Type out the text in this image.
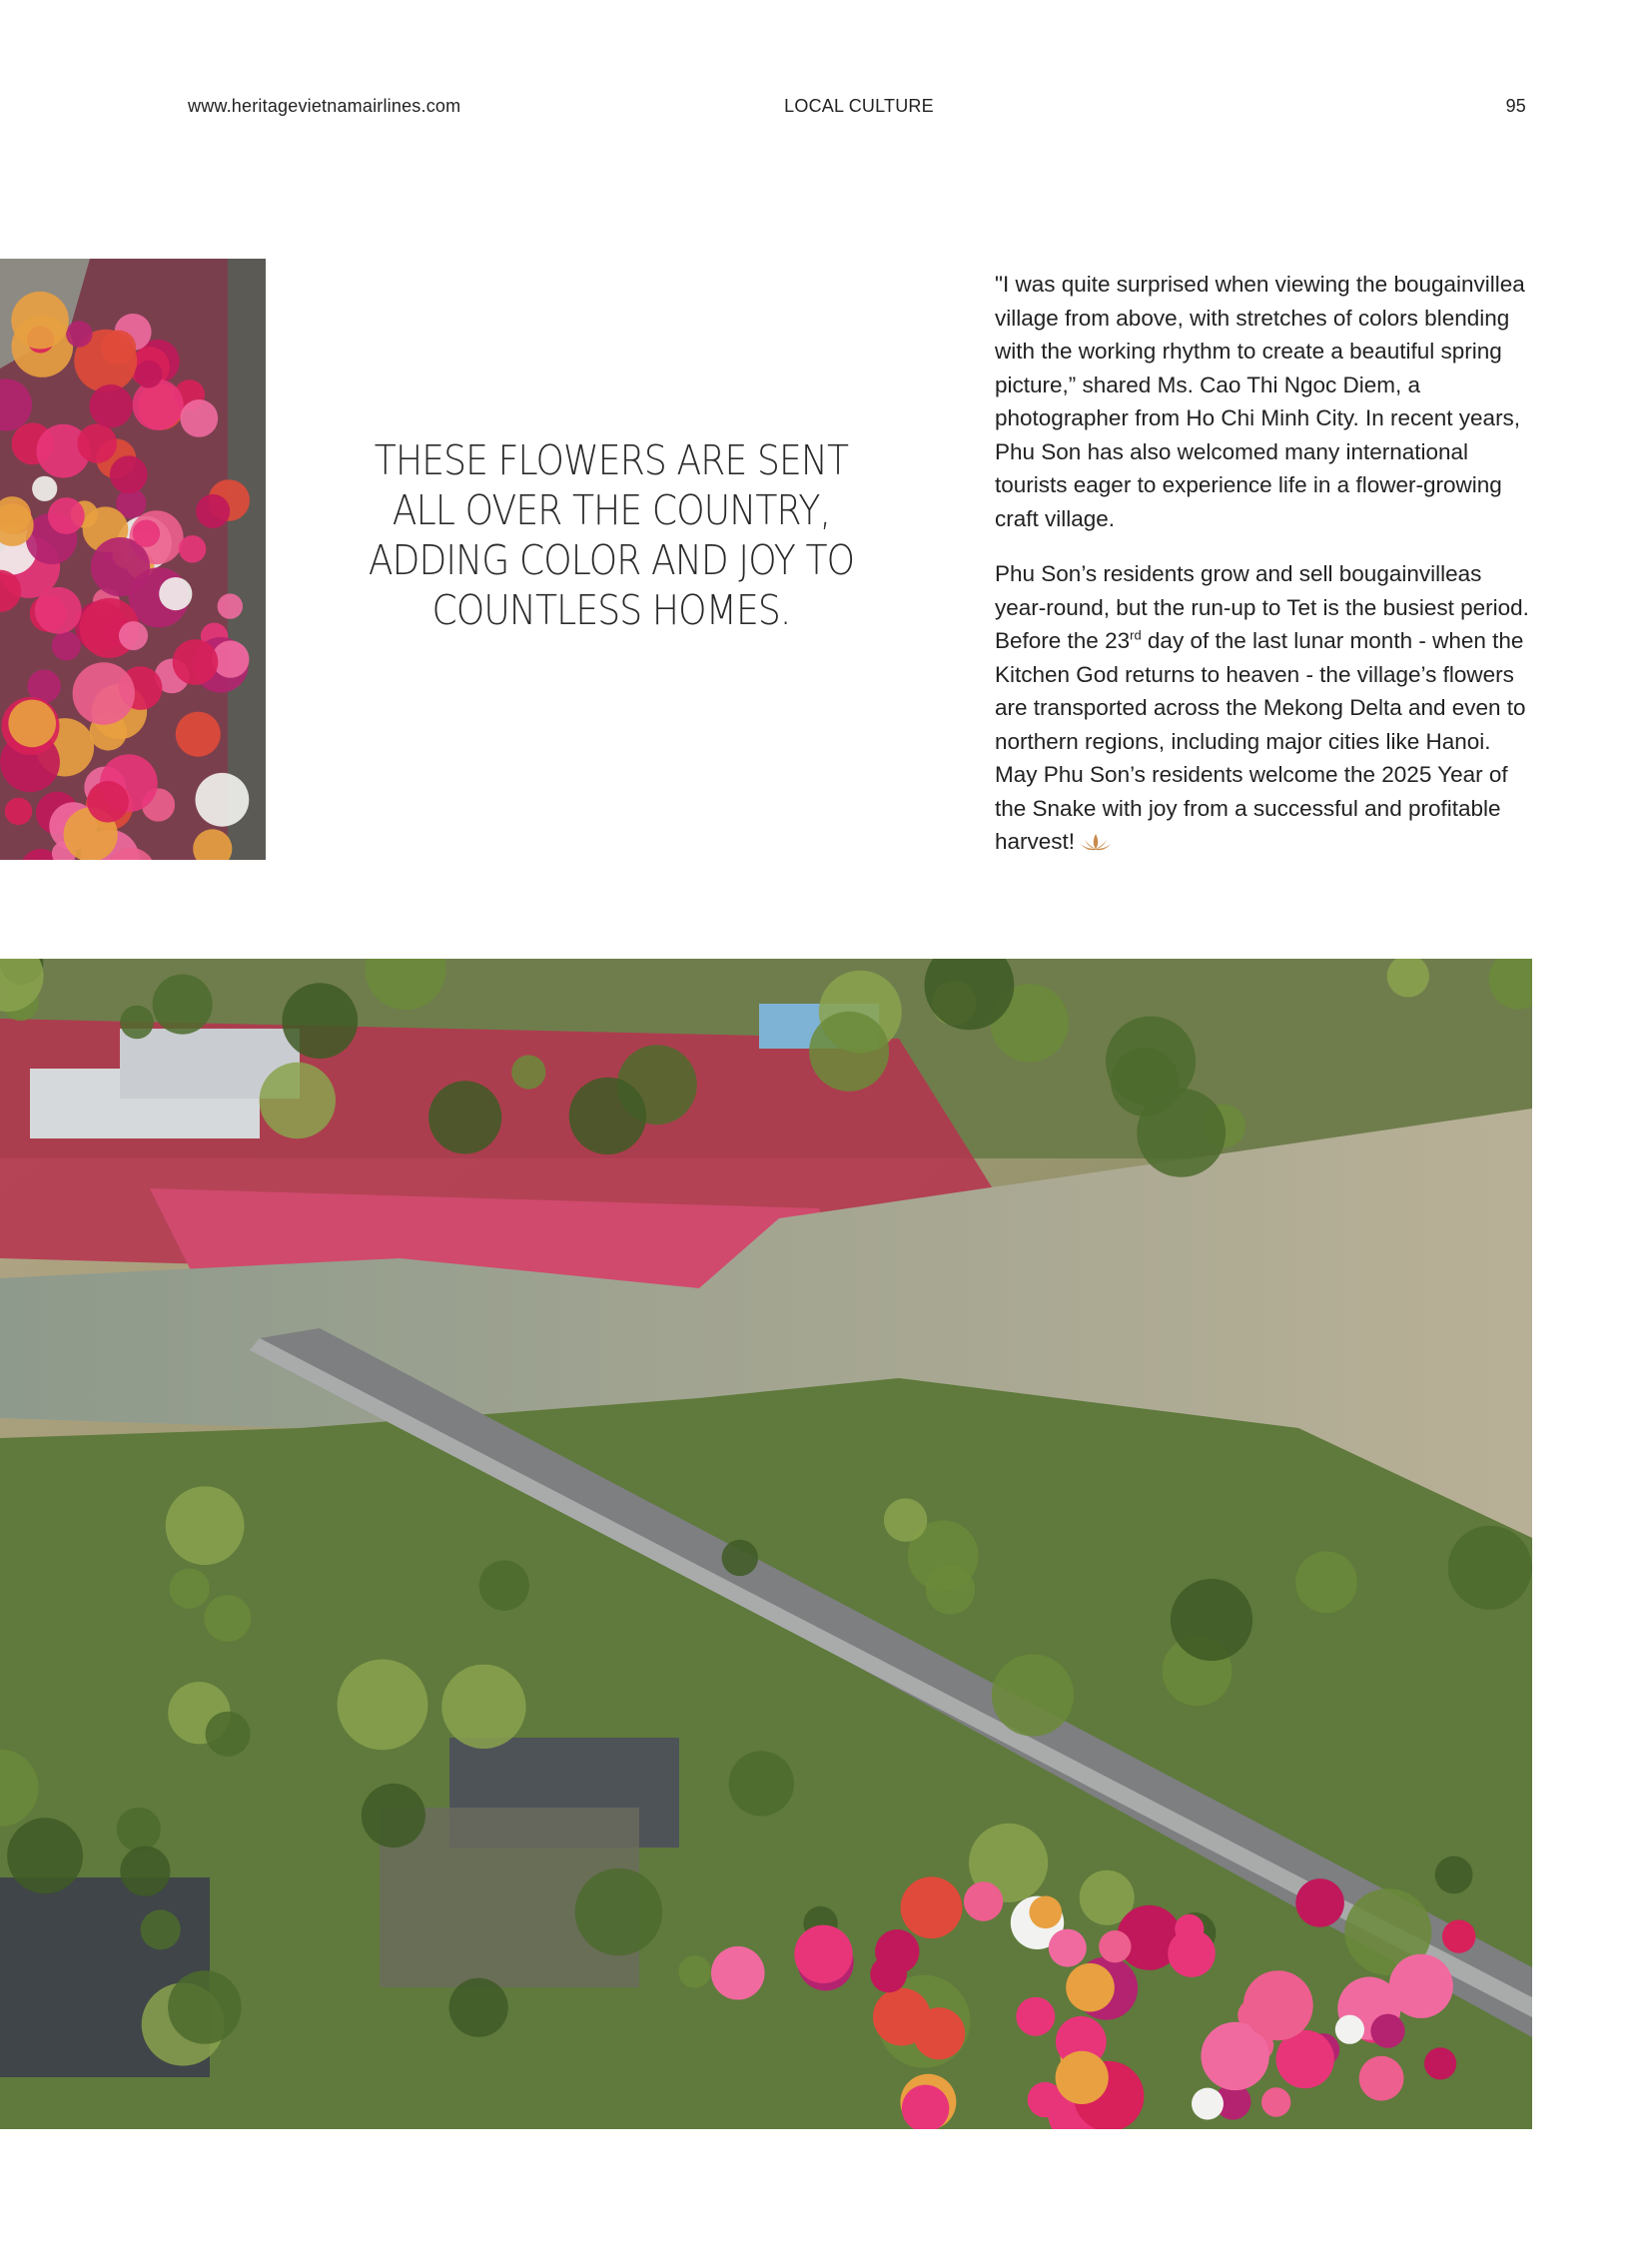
www.heritagevietnamairlines.com	LOCAL CULTURE	95
THESE FLOWERS ARE SENT ALL OVER THE COUNTRY, ADDING COLOR AND JOY TO COUNTLESS HOMES.

"I was quite surprised when viewing the bougainvillea village from above, with stretches of colors blending with the working rhythm to create a beautiful spring picture,” shared Ms. Cao Thi Ngoc Diem, a photographer from Ho Chi Minh City. In recent years, Phu Son has also welcomed many international tourists eager to experience life in a flower-growing craft village.

Phu Son’s residents grow and sell bougainvilleas year-round, but the run-up to Tet is the busiest period. Before the 23rd day of the last lunar month - when the Kitchen God returns to heaven - the village’s flowers are transported across the Mekong Delta and even to northern regions, including major cities like Hanoi. May Phu Son’s residents welcome the 2025 Year of the Snake with joy from a successful and profitable harvest!
